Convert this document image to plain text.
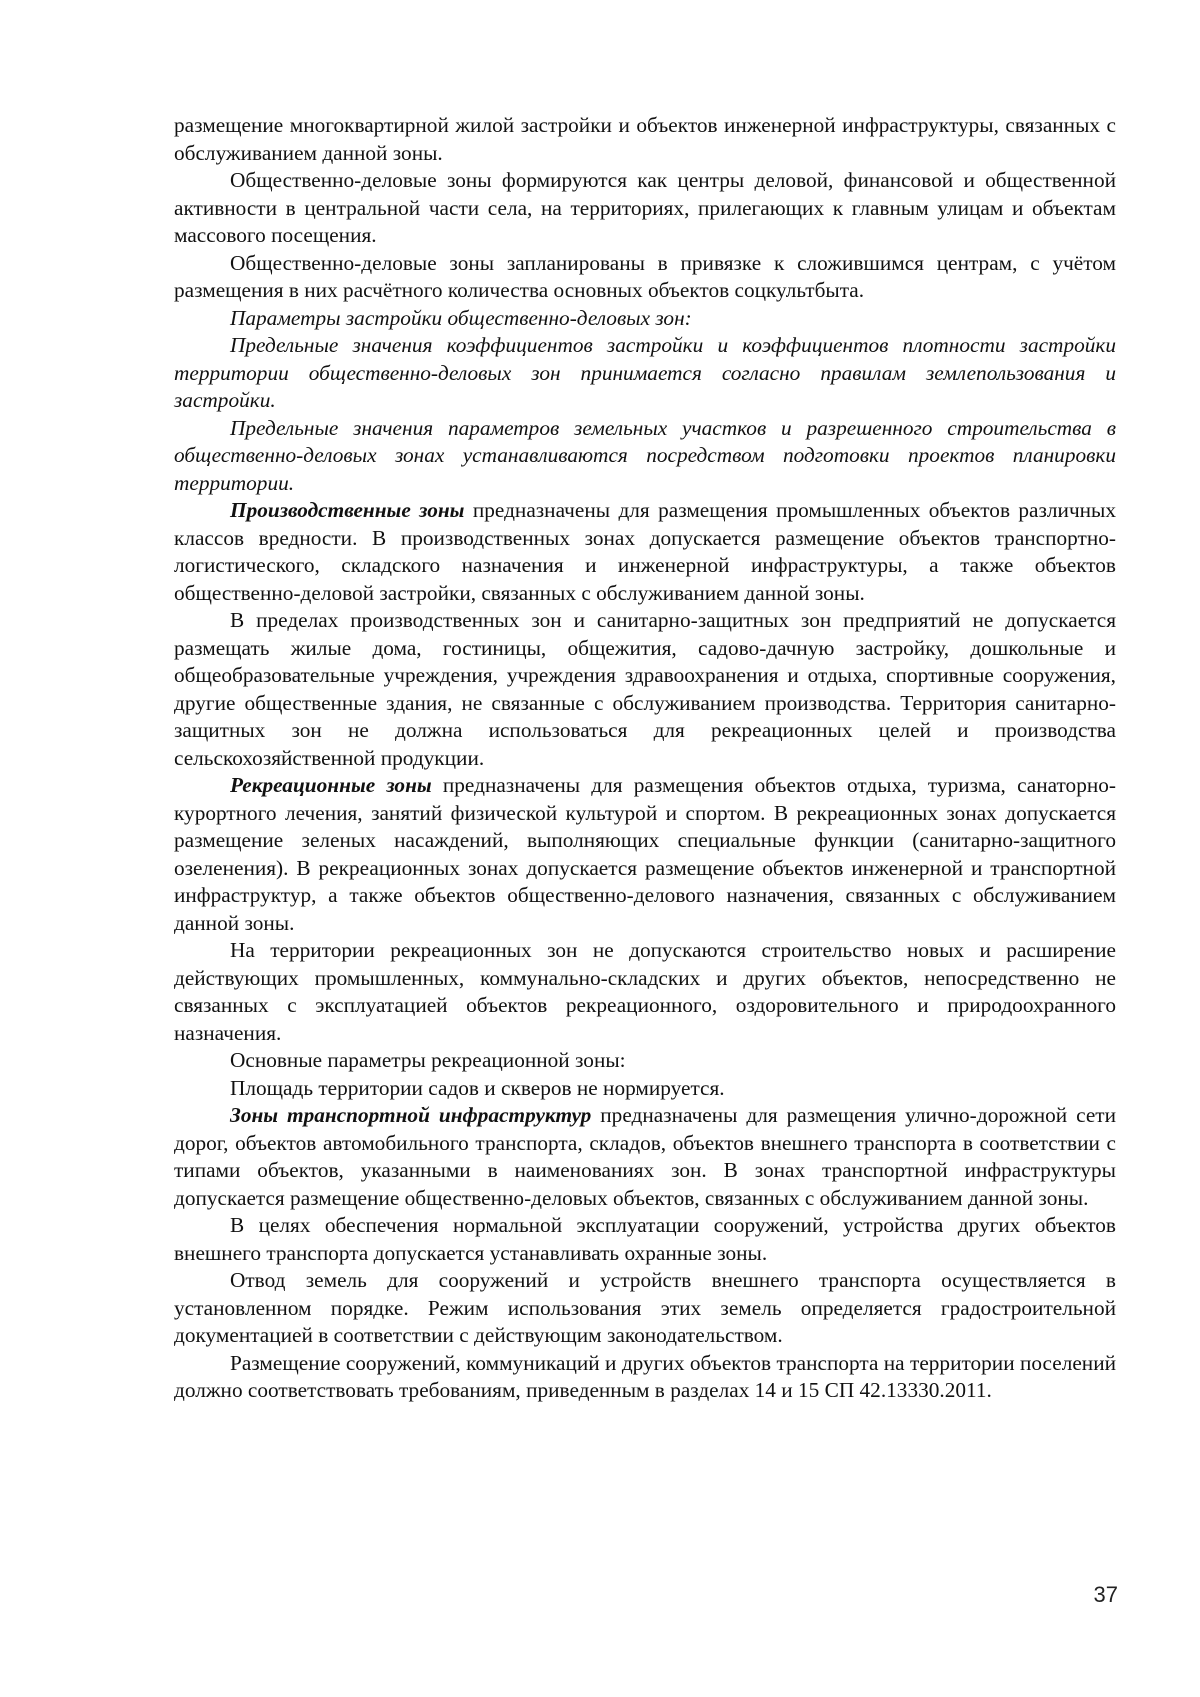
размещение многоквартирной жилой застройки и объектов инженерной инфраструктуры, связанных с обслуживанием данной зоны.

Общественно-деловые зоны формируются как центры деловой, финансовой и общественной активности в центральной части села, на территориях, прилегающих к главным улицам и объектам массового посещения.

Общественно-деловые зоны запланированы в привязке к сложившимся центрам, с учётом размещения в них расчётного количества основных объектов соцкультбыта.

Параметры застройки общественно-деловых зон:

Предельные значения коэффициентов застройки и коэффициентов плотности застройки территории общественно-деловых зон принимается согласно правилам землепользования и застройки.

Предельные значения параметров земельных участков и разрешенного строительства в общественно-деловых зонах устанавливаются посредством подготовки проектов планировки территории.

Производственные зоны предназначены для размещения промышленных объектов различных классов вредности. В производственных зонах допускается размещение объектов транспортно-логистического, складского назначения и инженерной инфраструктуры, а также объектов общественно-деловой застройки, связанных с обслуживанием данной зоны.

В пределах производственных зон и санитарно-защитных зон предприятий не допускается размещать жилые дома, гостиницы, общежития, садово-дачную застройку, дошкольные и общеобразовательные учреждения, учреждения здравоохранения и отдыха, спортивные сооружения, другие общественные здания, не связанные с обслуживанием производства. Территория санитарно-защитных зон не должна использоваться для рекреационных целей и производства сельскохозяйственной продукции.

Рекреационные зоны предназначены для размещения объектов отдыха, туризма, санаторно-курортного лечения, занятий физической культурой и спортом. В рекреационных зонах допускается размещение зеленых насаждений, выполняющих специальные функции (санитарно-защитного озеленения). В рекреационных зонах допускается размещение объектов инженерной и транспортной инфраструктур, а также объектов общественно-делового назначения, связанных с обслуживанием данной зоны.

На территории рекреационных зон не допускаются строительство новых и расширение действующих промышленных, коммунально-складских и других объектов, непосредственно не связанных с эксплуатацией объектов рекреационного, оздоровительного и природоохранного назначения.

Основные параметры рекреационной зоны:

Площадь территории садов и скверов не нормируется.

Зоны транспортной инфраструктур предназначены для размещения улично-дорожной сети дорог, объектов автомобильного транспорта, складов, объектов внешнего транспорта в соответствии с типами объектов, указанными в наименованиях зон. В зонах транспортной инфраструктуры допускается размещение общественно-деловых объектов, связанных с обслуживанием данной зоны.

В целях обеспечения нормальной эксплуатации сооружений, устройства других объектов внешнего транспорта допускается устанавливать охранные зоны.

Отвод земель для сооружений и устройств внешнего транспорта осуществляется в установленном порядке. Режим использования этих земель определяется градостроительной документацией в соответствии с действующим законодательством.

Размещение сооружений, коммуникаций и других объектов транспорта на территории поселений должно соответствовать требованиям, приведенным в разделах 14 и 15 СП 42.13330.2011.

37
